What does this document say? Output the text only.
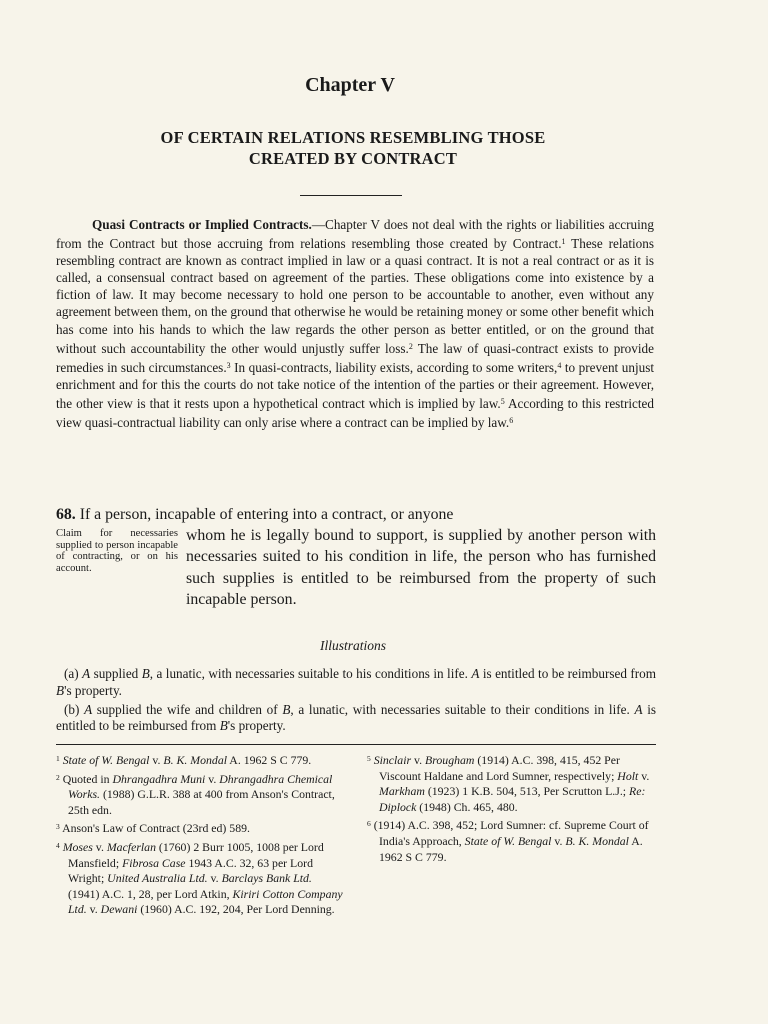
Chapter V
OF CERTAIN RELATIONS RESEMBLING THOSE
CREATED BY CONTRACT

Quasi Contracts or Implied Contracts.—Chapter V does not deal with the rights or liabilities accruing from the Contract but those accruing from relations resembling those created by Contract.$^1$ These relations resembling contract are known as contract implied in law or a quasi contract. It is not a real contract or as it is called, a consensual contract based on agreement of the parties. These obligations come into existence by a fiction of law. It may become necessary to hold one person to be accountable to another, even without any agreement between them, on the ground that otherwise he would be retaining money or some other benefit which has come into his hands to which the law regards the other person as better entitled, or on the ground that without such accountability the other would unjustly suffer loss.$^2$ The law of quasi-contract exists to provide remedies in such circumstances.$^3$ In quasi-contracts, liability exists, according to some writers,$^4$ to prevent unjust enrichment and for this the courts do not take notice of the intention of the parties or their agreement. However, the other view is that it rests upon a hypothetical contract which is implied by law.$^5$ According to this restricted view quasi-contractual liability can only arise where a contract can be implied by law.$^6$

68. If a person, incapable of entering into a contract, or anyone

Claim for necessaries supplied to person incapable of contracting, or on his account.
whom he is legally bound to support, is supplied by another person with necessaries suited to his condition in life, the person who has furnished such supplies is entitled to be reimbursed from the property of such incapable person.
Illustrations

(a) A supplied B, a lunatic, with necessaries suitable to his conditions in life. A is entitled to be reimbursed from B's property.

(b) A supplied the wife and children of B, a lunatic, with necessaries suitable to their conditions in life. A is entitled to be reimbursed from B's property.

$^1$ State of W. Bengal v. B. K. Mondal A. 1962 S C 779.

$^2$ Quoted in Dhrangadhra Muni v. Dhrangadhra Chemical Works. (1988) G.L.R. 388 at 400 from Anson's Contract, 25th edn.

$^3$ Anson's Law of Contract (23rd ed) 589.

$^4$ Moses v. Macferlan (1760) 2 Burr 1005, 1008 per Lord Mansfield; Fibrosa Case 1943 A.C. 32, 63 per Lord Wright; United Australia Ltd. v. Barclays Bank Ltd. (1941) A.C. 1, 28, per Lord Atkin, Kiriri Cotton Company Ltd. v. Dewani (1960) A.C. 192, 204, Per Lord Denning.

$^5$ Sinclair v. Brougham (1914) A.C. 398, 415, 452 Per Viscount Haldane and Lord Sumner, respectively; Holt v. Markham (1923) 1 K.B. 504, 513, Per Scrutton L.J.; Re: Diplock (1948) Ch. 465, 480.

$^6$ (1914) A.C. 398, 452; Lord Sumner: cf. Supreme Court of India's Approach, State of W. Bengal v. B. K. Mondal A. 1962 S C 779.
